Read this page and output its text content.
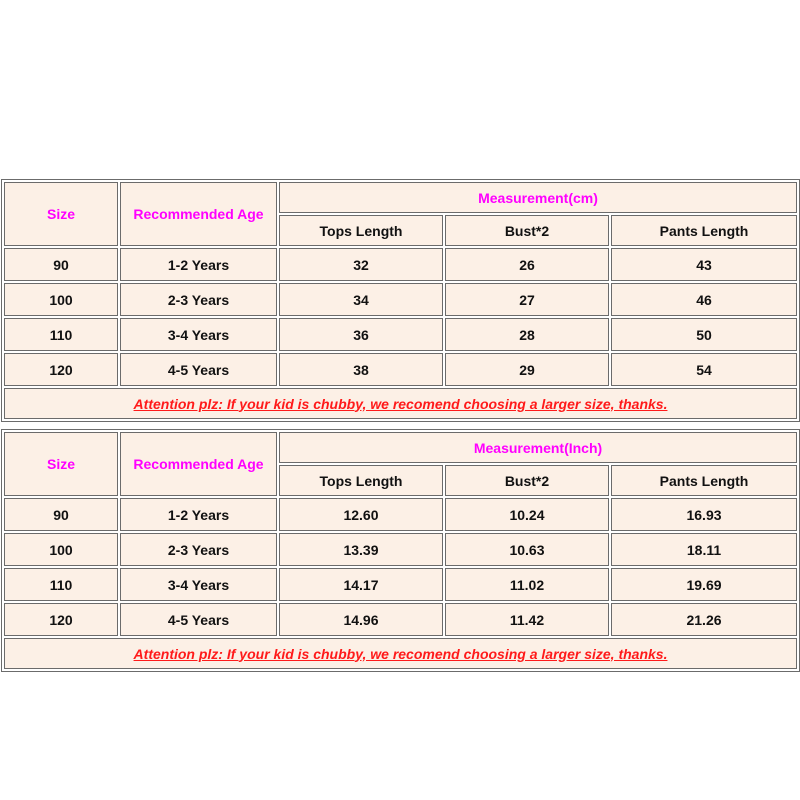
Size	Recommended Age	Measurement(cm)		
		Tops Length	Bust*2	Pants Length
90	1-2 Years	32	26	43
100	2-3 Years	34	27	46
110	3-4 Years	36	28	50
120	4-5 Years	38	29	54
Attention plz: If your kid is chubby, we recomend choosing a larger size, thanks.				
Size	Recommended Age	Measurement(Inch)		
		Tops Length	Bust*2	Pants Length
90	1-2 Years	12.60	10.24	16.93
100	2-3 Years	13.39	10.63	18.11
110	3-4 Years	14.17	11.02	19.69
120	4-5 Years	14.96	11.42	21.26
Attention plz: If your kid is chubby, we recomend choosing a larger size, thanks.				
